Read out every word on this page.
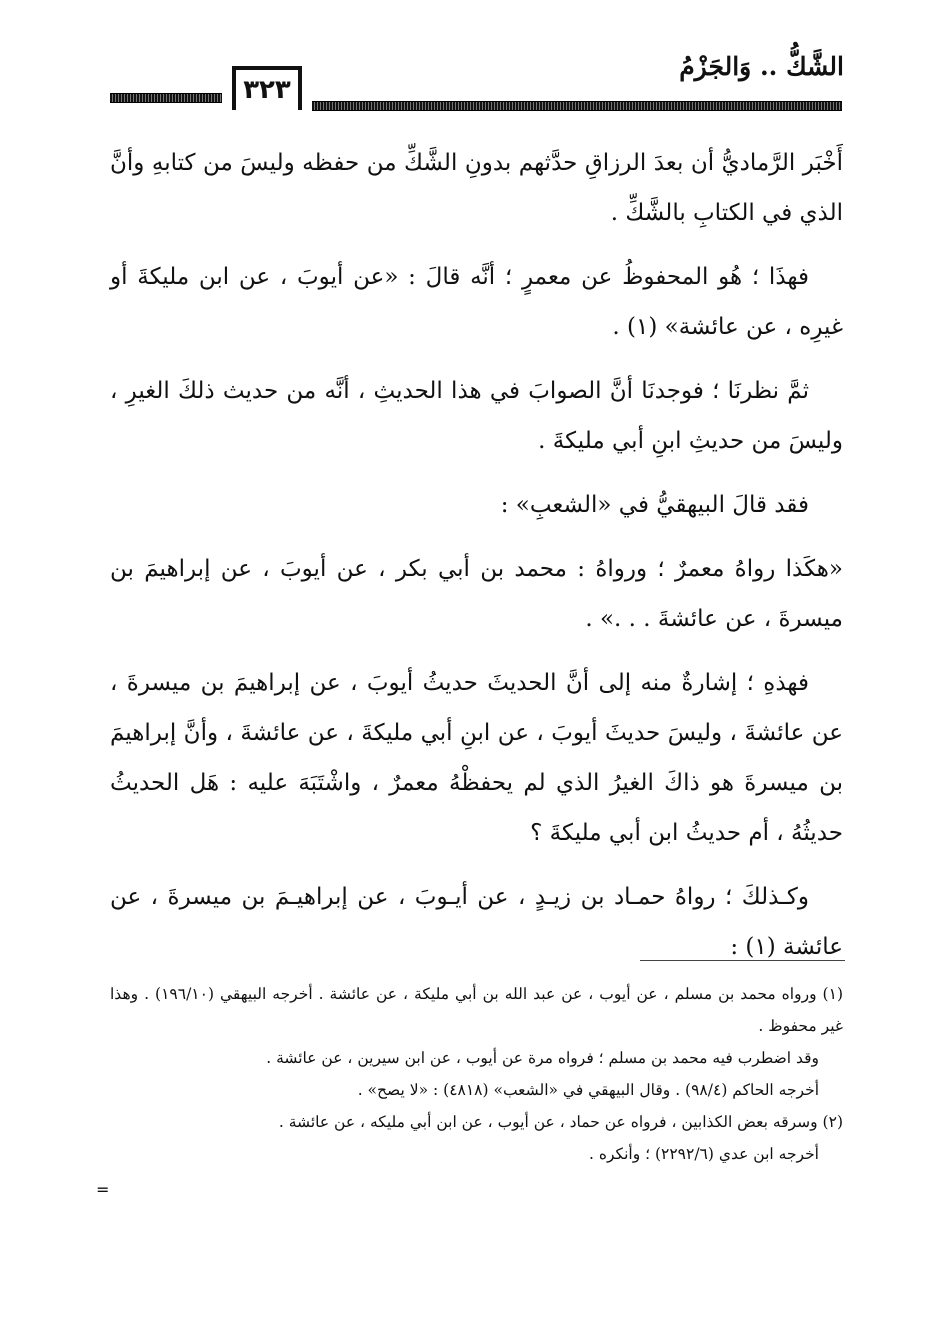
الشَّكُّ .. وَالجَزْمُ
٣٢٣

أَخْبَر الرَّماديُّ أن بعدَ الرزاقِ حدَّثهم بدونِ الشَّكِّ من حفظه وليسَ من كتابهِ وأنَّ الذي في الكتابِ بالشَّكِّ .

فهذَا ؛ هُو المحفوظُ عن معمرٍ ؛ أنَّه قالَ : «عن أيوبَ ، عن ابن مليكةَ أو غيرِه ، عن عائشة» (١) .

ثمَّ نظرنَا ؛ فوجدنَا أنَّ الصوابَ في هذا الحديثِ ، أنَّه من حديث ذلكَ الغيرِ ، وليسَ من حديثِ ابنِ أبي مليكةَ .

فقد قالَ البيهقيُّ في «الشعبِ» :

«هكَذا رواهُ معمرٌ ؛ ورواهُ : محمد بن أبي بكر ، عن أيوبَ ، عن إبراهيمَ بن ميسرةَ ، عن عائشةَ . . .» .

فهذهِ ؛ إشارةٌ منه إلى أنَّ الحديثَ حديثُ أيوبَ ، عن إبراهيمَ بن ميسرةَ ، عن عائشةَ ، وليسَ حديثَ أيوبَ ، عن ابنِ أبي مليكةَ ، عن عائشةَ ، وأنَّ إبراهيمَ بن ميسرةَ هو ذاكَ الغيرُ الذي لم يحفظْهُ معمرٌ ، واشْتَبَهَ عليه : هَل الحديثُ حديثُهُ ، أم حديثُ ابن أبي مليكةَ ؟

وكـذلكَ ؛ رواهُ حمـاد بن زيـدٍ ، عن أيـوبَ ، عن إبراهيـمَ بن ميسرةَ ، عن عائشة (١) :

(١) ورواه محمد بن مسلم ، عن أيوب ، عن عبد الله بن أبي مليكة ، عن عائشة . أخرجه البيهقي (١٩٦/١٠) . وهذا غير محفوظ .

وقد اضطرب فيه محمد بن مسلم ؛ فرواه مرة عن أيوب ، عن ابن سيرين ، عن عائشة .

أخرجه الحاكم (٩٨/٤) . وقال البيهقي في «الشعب» (٤٨١٨) : «لا يصح» .

(٢) وسرقه بعض الكذابين ، فرواه عن حماد ، عن أيوب ، عن ابن أبي مليكه ، عن عائشة .

أخرجه ابن عدي (٢٢٩٢/٦) ؛ وأنكره .

=
